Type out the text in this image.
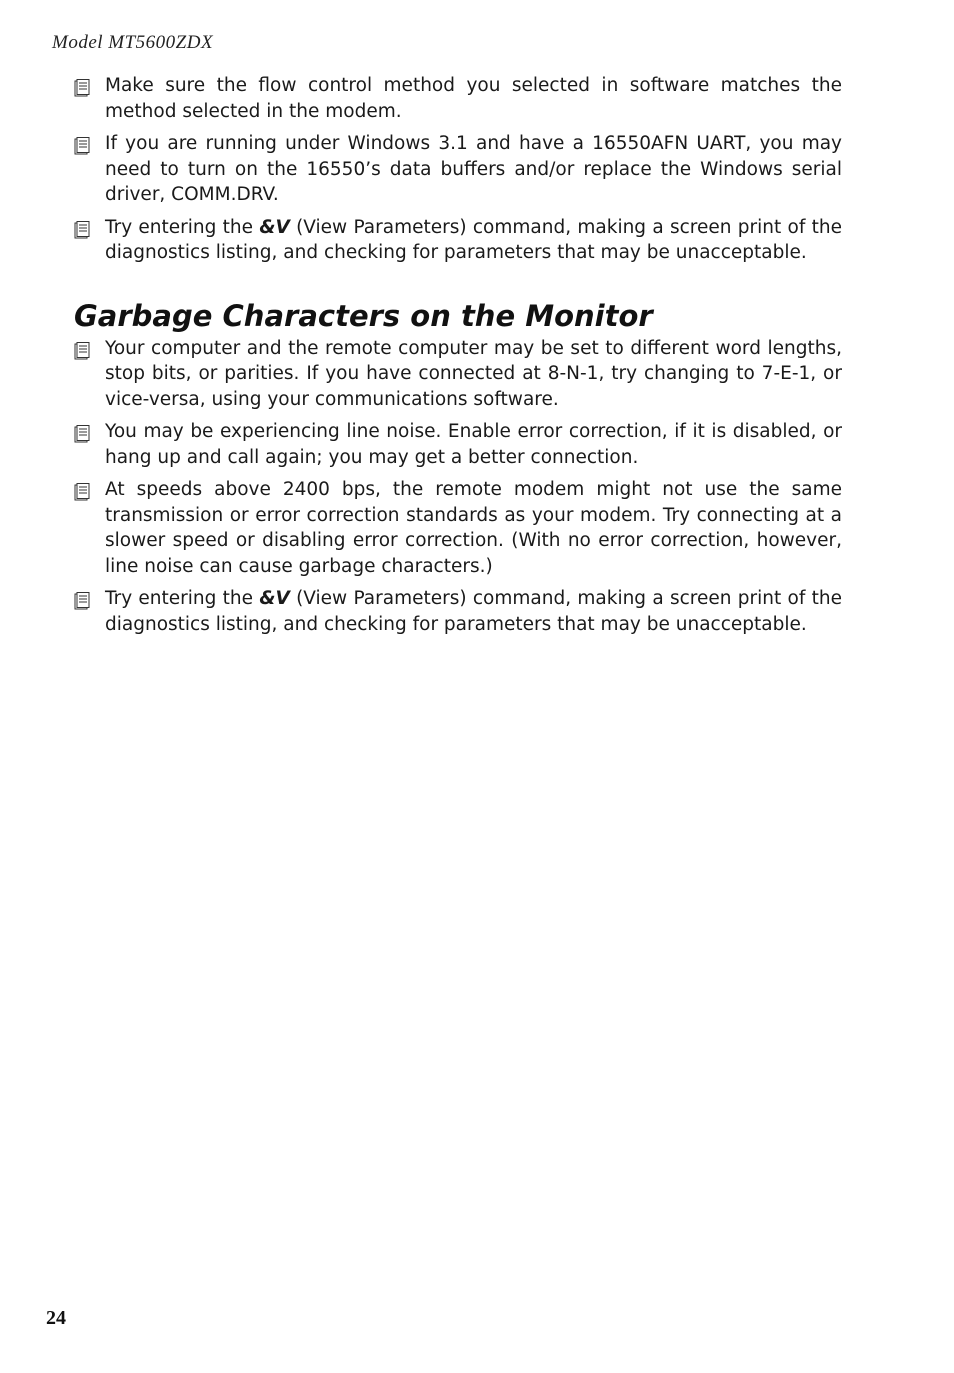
Model MT5600ZDX
Make sure the flow control method you selected in software matches the method selected in the modem.
If you are running under Windows 3.1 and have a 16550AFN UART, you may need to turn on the 16550’s data buffers and/or replace the Windows serial driver, COMM.DRV.
Try entering the &V (View Parameters) command, making a screen print of the diagnostics listing, and checking for parameters that may be unacceptable.
Garbage Characters on the Monitor
Your computer and the remote computer may be set to different word lengths, stop bits, or parities. If you have connected at 8-N-1, try changing to 7-E-1, or vice-versa, using your communications software.
You may be experiencing line noise. Enable error correction, if it is disabled, or hang up and call again; you may get a better connection.
At speeds above 2400 bps, the remote modem might not use the same transmission or error correction standards as your modem. Try connecting at a slower speed or disabling error correction. (With no error correction, however, line noise can cause garbage characters.)
Try entering the &V (View Parameters) command, making a screen print of the diagnostics listing, and checking for parameters that may be unacceptable.
24
